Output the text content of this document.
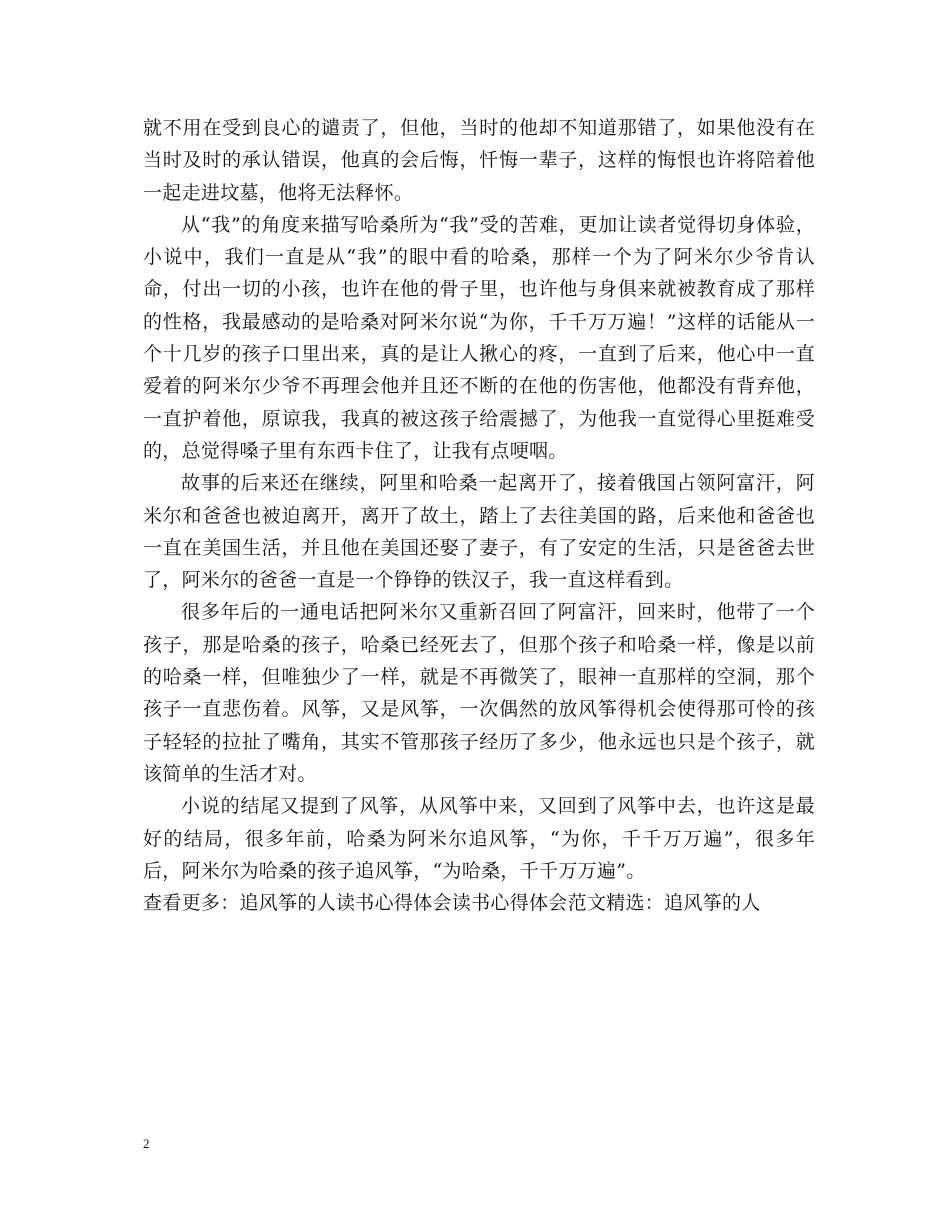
就不用在受到良心的谴责了，但他，当时的他却不知道那错了，如果他没有在当时及时的承认错误，他真的会后悔，忏悔一辈子，这样的悔恨也许将陪着他一起走进坟墓，他将无法释怀。

从“我”的角度来描写哈桑所为“我”受的苦难，更加让读者觉得切身体验，小说中，我们一直是从“我”的眼中看的哈桑，那样一个为了阿米尔少爷肯认命，付出一切的小孩，也许在他的骨子里，也许他与身俱来就被教育成了那样的性格，我最感动的是哈桑对阿米尔说“为你，千千万万遍！”这样的话能从一个十几岁的孩子口里出来，真的是让人揪心的疼，一直到了后来，他心中一直爱着的阿米尔少爷不再理会他并且还不断的在他的伤害他，他都没有背弃他，一直护着他，原谅我，我真的被这孩子给震撼了，为他我一直觉得心里挺难受的，总觉得嗓子里有东西卡住了，让我有点哽咽。

故事的后来还在继续，阿里和哈桑一起离开了，接着俄国占领阿富汗，阿米尔和爸爸也被迫离开，离开了故土，踏上了去往美国的路，后来他和爸爸也一直在美国生活，并且他在美国还娶了妻子，有了安定的生活，只是爸爸去世了，阿米尔的爸爸一直是一个铮铮的铁汉子，我一直这样看到。

很多年后的一通电话把阿米尔又重新召回了阿富汗，回来时，他带了一个孩子，那是哈桑的孩子，哈桑已经死去了，但那个孩子和哈桑一样，像是以前的哈桑一样，但唯独少了一样，就是不再微笑了，眼神一直那样的空洞，那个孩子一直悲伤着。风筝，又是风筝，一次偶然的放风筝得机会使得那可怜的孩子轻轻的拉扯了嘴角，其实不管那孩子经历了多少，他永远也只是个孩子，就该简单的生活才对。

小说的结尾又提到了风筝，从风筝中来，又回到了风筝中去，也许这是最好的结局，很多年前，哈桑为阿米尔追风筝，“为你，千千万万遍”，很多年后，阿米尔为哈桑的孩子追风筝，“为哈桑，千千万万遍”。

查看更多：追风筝的人读书心得体会读书心得体会范文精选：追风筝的人

2
